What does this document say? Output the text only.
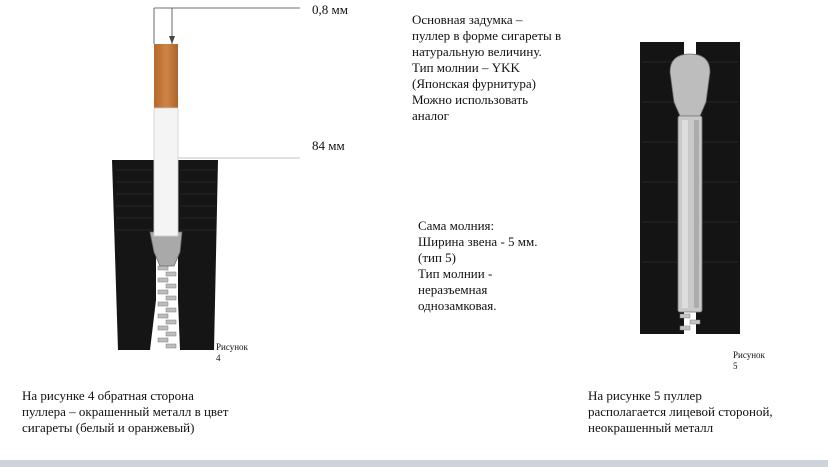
0,8 мм
84 мм
Основная задумка –
пуллер в форме сигареты в
натуральную величину.
Тип молнии – YKK
(Японская фурнитура)
Можно использовать
аналог
Сама молния:
Ширина звена - 5 мм.
(тип 5)
Тип молнии -
неразъемная
однозамковая.
Рисунок
4
На рисунке 4 обратная сторона
пуллера – окрашенный металл в цвет
сигареты (белый и оранжевый)
Рисунок
5
На рисунке 5 пуллер
располагается лицевой стороной,
неокрашенный металл
